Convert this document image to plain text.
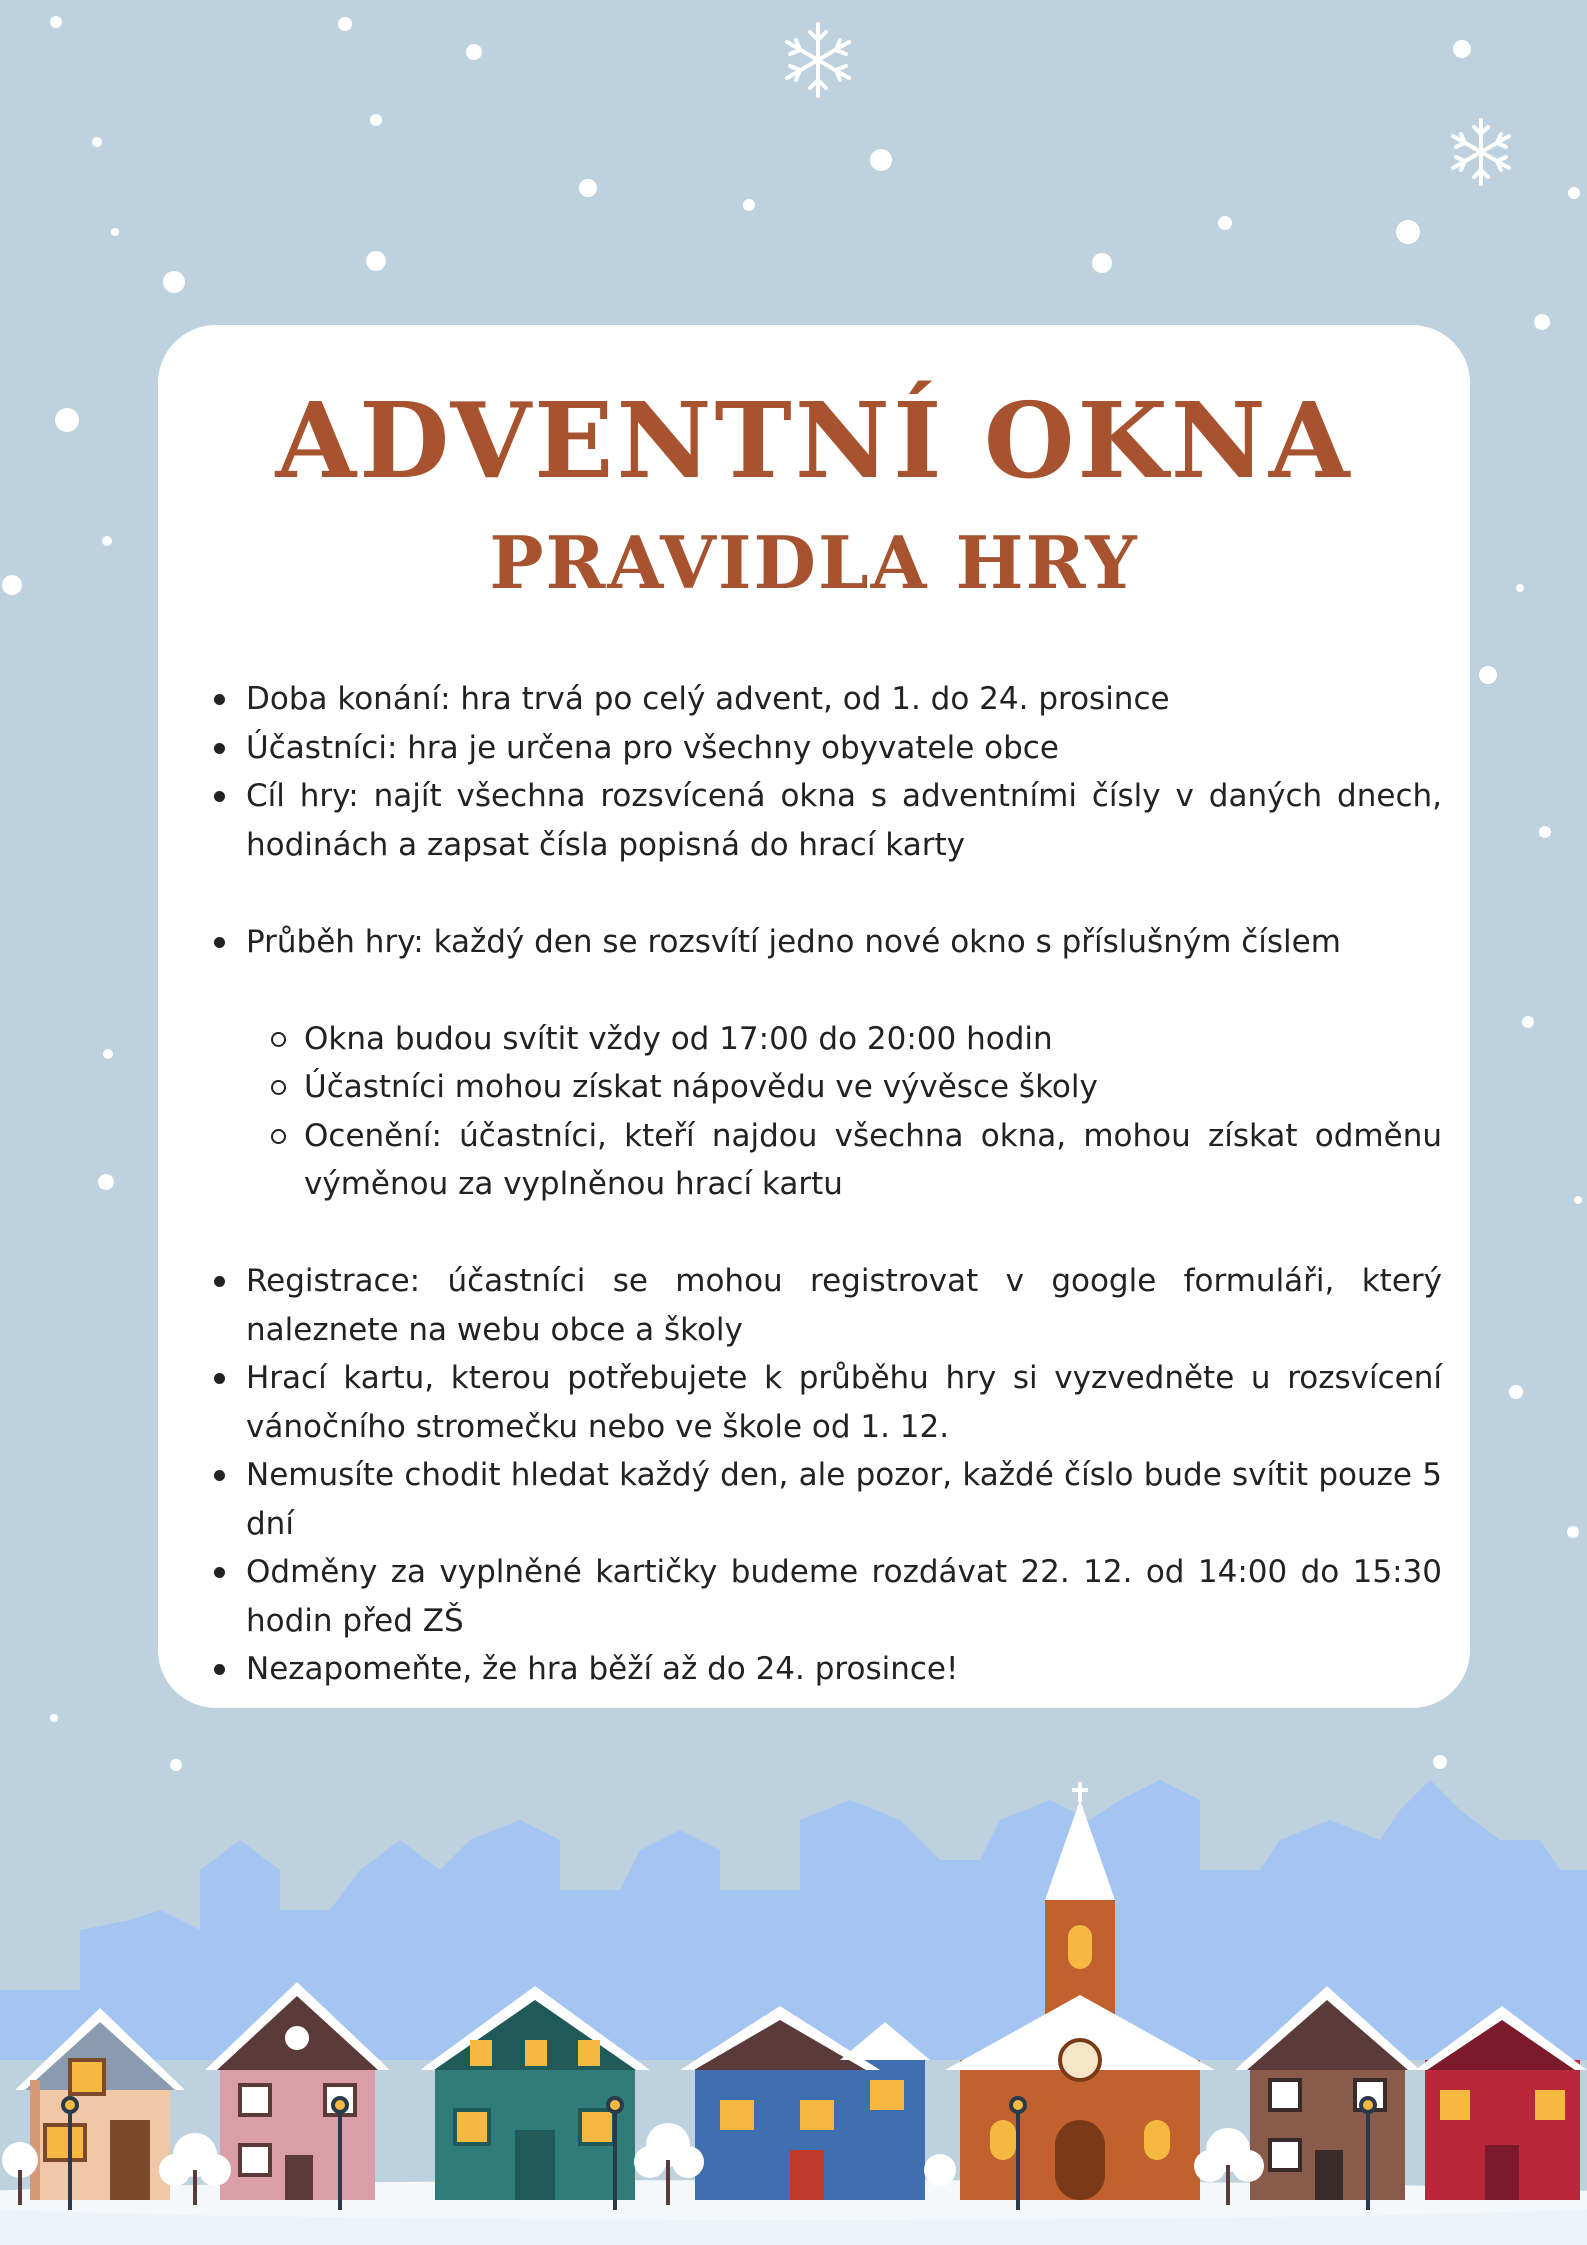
ADVENTNÍ OKNA
PRAVIDLA HRY
Doba konání: hra trvá po celý advent, od 1. do 24. prosince
Účastníci: hra je určena pro všechny obyvatele obce
Cíl hry: najít všechna rozsvícená okna s adventními čísly v daných dnech, hodinách a zapsat čísla popisná do hrací karty
Průběh hry: každý den se rozsvítí jedno nové okno s příslušným číslem
Okna budou svítit vždy od 17:00 do 20:00 hodin
Účastníci mohou získat nápovědu ve vývěsce školy
Ocenění: účastníci, kteří najdou všechna okna, mohou získat odměnu výměnou za vyplněnou hrací kartu
Registrace: účastníci se mohou registrovat v google formuláři, který naleznete na webu obce a školy
Hrací kartu, kterou potřebujete k průběhu hry si vyzvedněte u rozsvícení vánočního stromečku nebo ve škole od 1. 12.
Nemusíte chodit hledat každý den, ale pozor, každé číslo bude svítit pouze 5 dní
Odměny za vyplněné kartičky budeme rozdávat 22. 12. od 14:00 do 15:30 hodin před ZŠ
Nezapomeňte, že hra běží až do 24. prosince!
